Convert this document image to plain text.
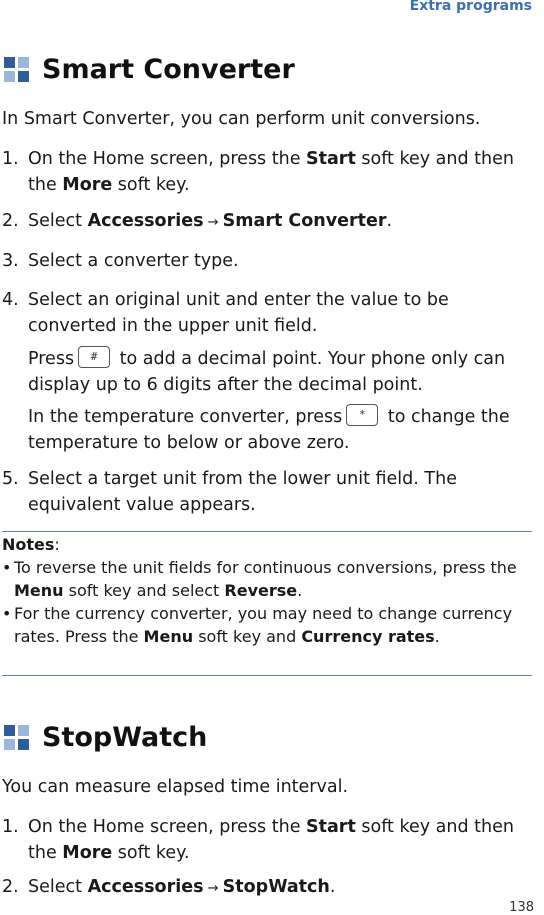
Extra programs
Smart Converter

In Smart Converter, you can perform unit conversions.

1. On the Home screen, press the Start soft key and then the More soft key.
2. Select Accessories → Smart Converter.
3. Select a converter type.
4. Select an original unit and enter the value to be converted in the upper unit field.
Press # to add a decimal point. Your phone only can display up to 6 digits after the decimal point.
In the temperature converter, press * to change the temperature to below or above zero.
5. Select a target unit from the lower unit field. The equivalent value appears.
Notes:
• To reverse the unit fields for continuous conversions, press the Menu soft key and select Reverse.
• For the currency converter, you may need to change currency rates. Press the Menu soft key and Currency rates.
StopWatch

You can measure elapsed time interval.

1. On the Home screen, press the Start soft key and then the More soft key.
2. Select Accessories → StopWatch.
138
